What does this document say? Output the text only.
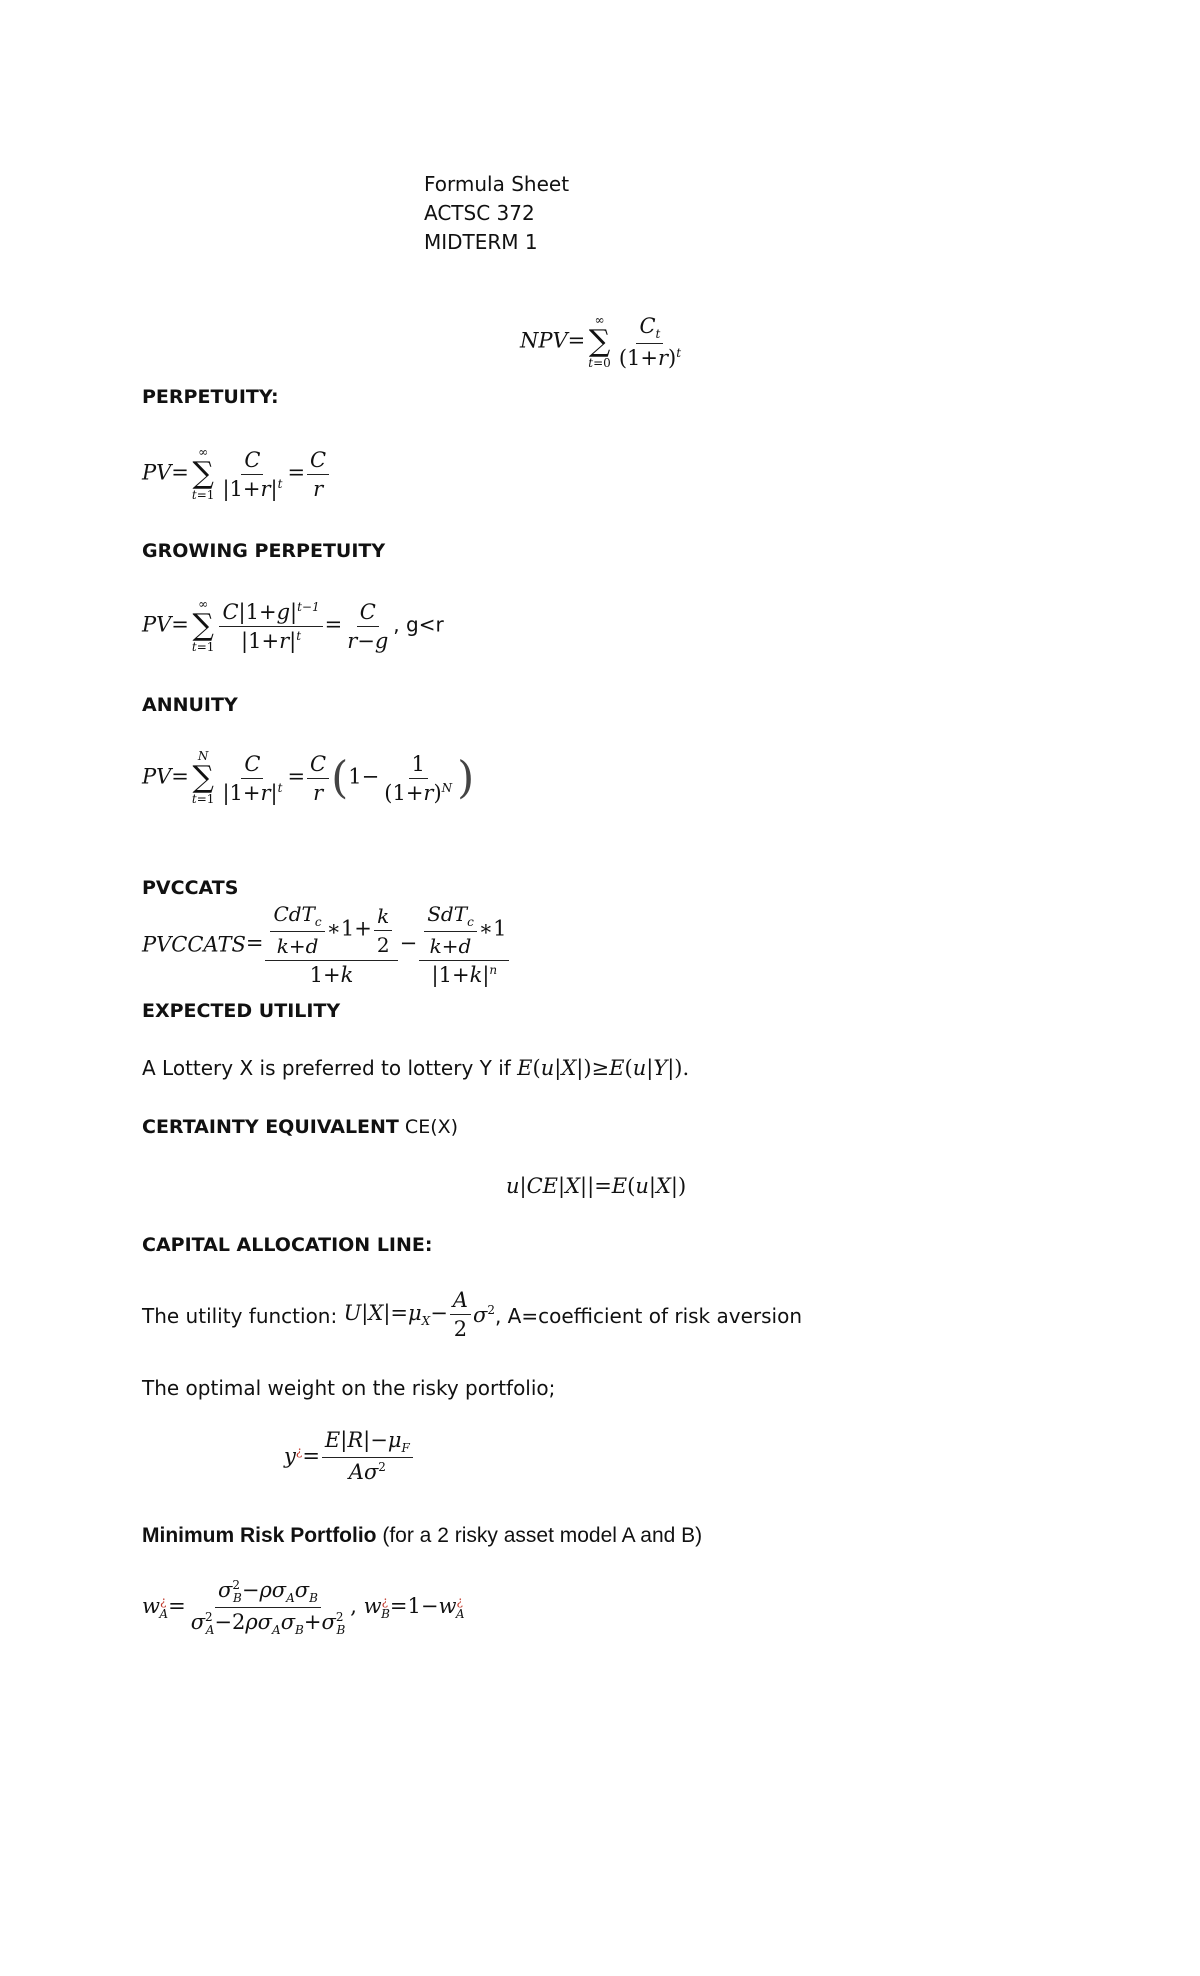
Formula Sheet
ACTSC 372
MIDTERM 1
NPV=
∞
∑
$t=0 \frac{C_t}{(1+r)^t}$
PERPETUITY:
PV=
∞
∑
$t=1 \frac{C}{|1+r|^t} = \frac{C}{r}$
GROWING PERPETUITY
PV=
∞
∑
$t=1 \frac{C|1+g|^{t-1}}{|1+r|^t} = \frac{C}{r-g}$ , g<r
ANNUITY
PV=
N
∑
$t=1 \frac{C}{|1+r|^t} = \frac{C}{r} (1- \frac{1}{(1+r)^N}$ )
PVCCATS
PVCCATS= $\frac{\frac{CdT_c}{k+d} ∗1+ \frac{k}{2}}{1+k} - \frac{\frac{SdT_c}{k+d} ∗1}{|1+k|^n}$
EXPECTED UTILITY
A Lottery X is preferred to lottery Y if E(u|X|)≥E(u|Y|).
CERTAINTY EQUIVALENT CE(X)
u|CE|X||=E(u|X|)
CAPITAL ALLOCATION LINE:
The utility function: $U|X|=\mu_X- \frac{A}{2} \sigma^2$, A=coefficient of risk aversion
The optimal weight on the risky portfolio;
$y^¿= \frac{E|R|-\mu_F}{A\sigma^2}$
Minimum Risk Portfolio (for a 2 risky asset model A and B)
$w^¿_A= \frac{\sigma^2_B-\rho\sigma_A\sigma_B}{\sigma^2_A-2\rho\sigma_A\sigma_B+\sigma^2_B}$ , $w^¿_B=1-w^¿_A$
